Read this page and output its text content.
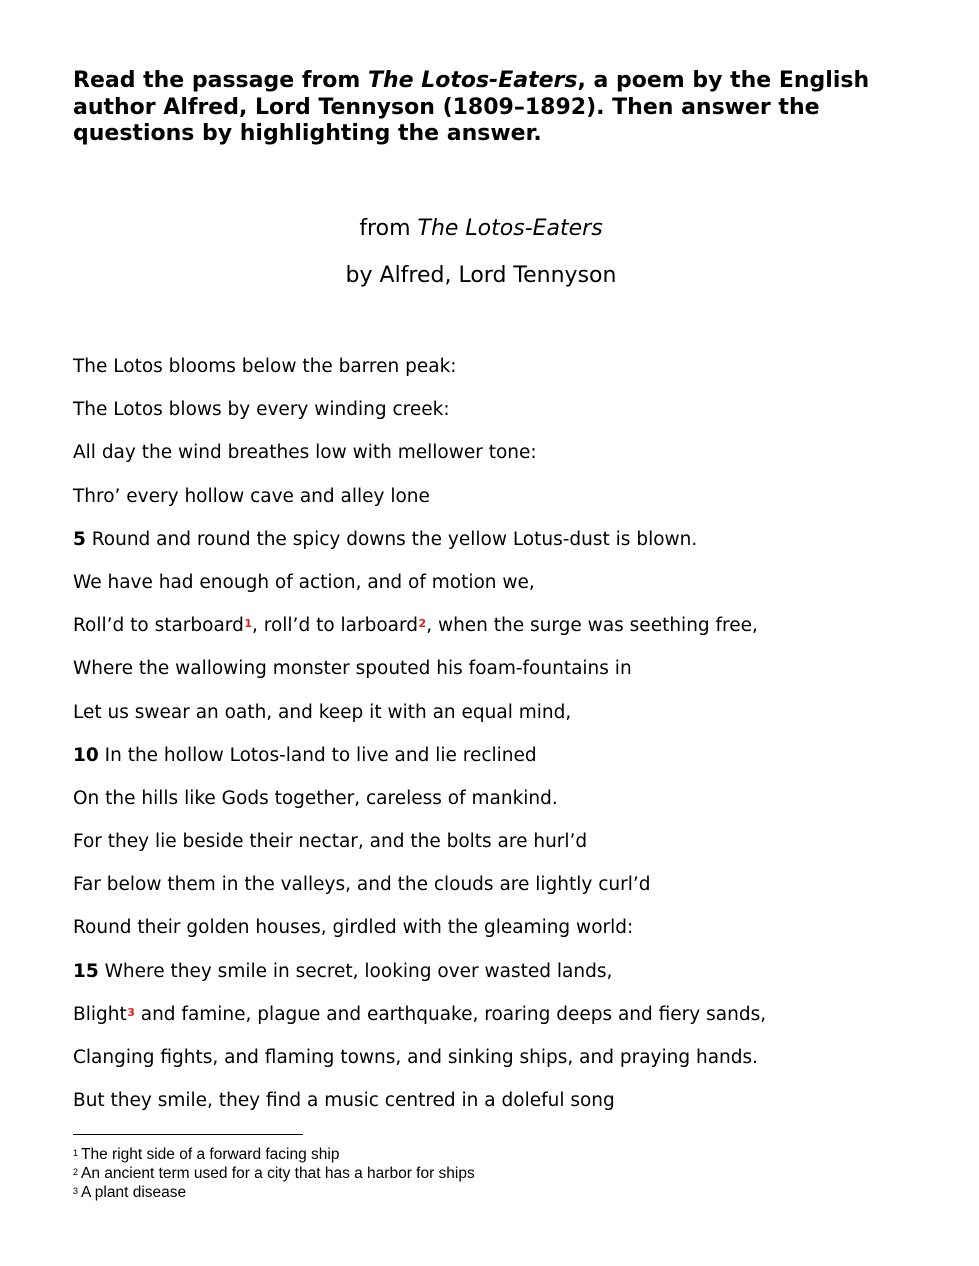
Read the passage from The Lotos-Eaters, a poem by the English author Alfred, Lord Tennyson (1809–1892). Then answer the questions by highlighting the answer.
from The Lotos-Eaters
by Alfred, Lord Tennyson
The Lotos blooms below the barren peak:
The Lotos blows by every winding creek:
All day the wind breathes low with mellower tone:
Thro’ every hollow cave and alley lone
5 Round and round the spicy downs the yellow Lotus-dust is blown.
We have had enough of action, and of motion we,
Roll’d to starboard$^1$, roll’d to larboard$^2$, when the surge was seething free,
Where the wallowing monster spouted his foam-fountains in
Let us swear an oath, and keep it with an equal mind,
10 In the hollow Lotos-land to live and lie reclined
On the hills like Gods together, careless of mankind.
For they lie beside their nectar, and the bolts are hurl’d
Far below them in the valleys, and the clouds are lightly curl’d
Round their golden houses, girdled with the gleaming world:
15 Where they smile in secret, looking over wasted lands,
Blight$^3$ and famine, plague and earthquake, roaring deeps and fiery sands,
Clanging fights, and flaming towns, and sinking ships, and praying hands.
But they smile, they find a music centred in a doleful song
$^1$ The right side of a forward facing ship
$^2$ An ancient term used for a city that has a harbor for ships
$^3$ A plant disease
